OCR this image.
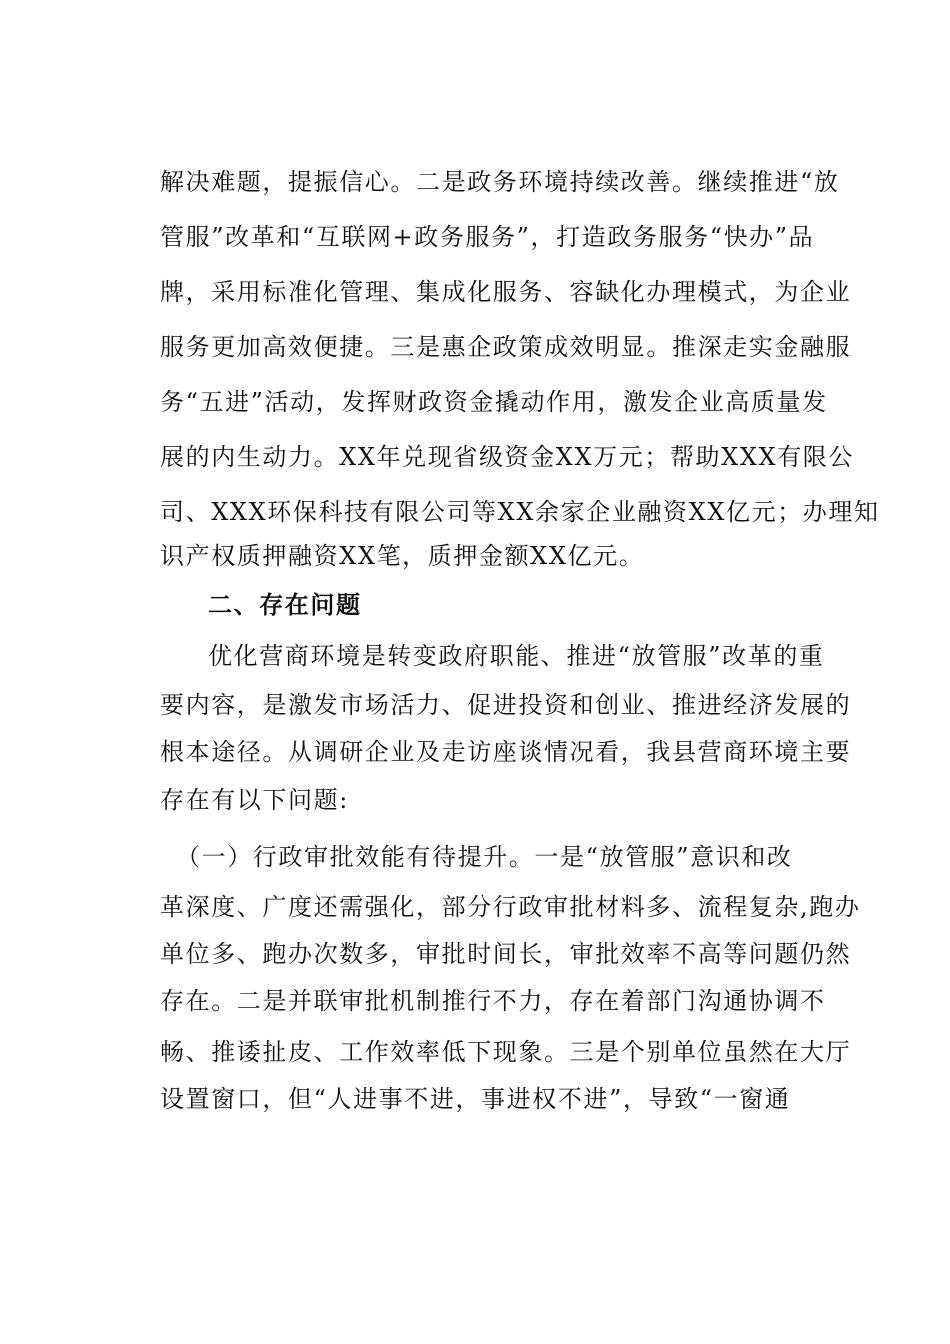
解决难题，提振信心。二是政务环境持续改善。继续推进“放
管服”改革和“互联网+政务服务”，打造政务服务“快办”品
牌，采用标准化管理、集成化服务、容缺化办理模式，为企业
服务更加高效便捷。三是惠企政策成效明显。推深走实金融服
务“五进”活动，发挥财政资金撬动作用，激发企业高质量发
展的内生动力。XX年兑现省级资金XX万元；帮助XXX有限公
司、XXX环保科技有限公司等XX余家企业融资XX亿元；办理知
识产权质押融资XX笔，质押金额XX亿元。
二、存在问题
优化营商环境是转变政府职能、推进“放管服”改革的重
要内容，是激发市场活力、促进投资和创业、推进经济发展的
根本途径。从调研企业及走访座谈情况看，我县营商环境主要
存在有以下问题:
（一）行政审批效能有待提升。一是“放管服”意识和改
革深度、广度还需强化，部分行政审批材料多、流程复杂,跑办
单位多、跑办次数多，审批时间长，审批效率不高等问题仍然
存在。二是并联审批机制推行不力，存在着部门沟通协调不
畅、推诿扯皮、工作效率低下现象。三是个别单位虽然在大厅
设置窗口，但“人进事不进，事进权不进”，导致“一窗通
